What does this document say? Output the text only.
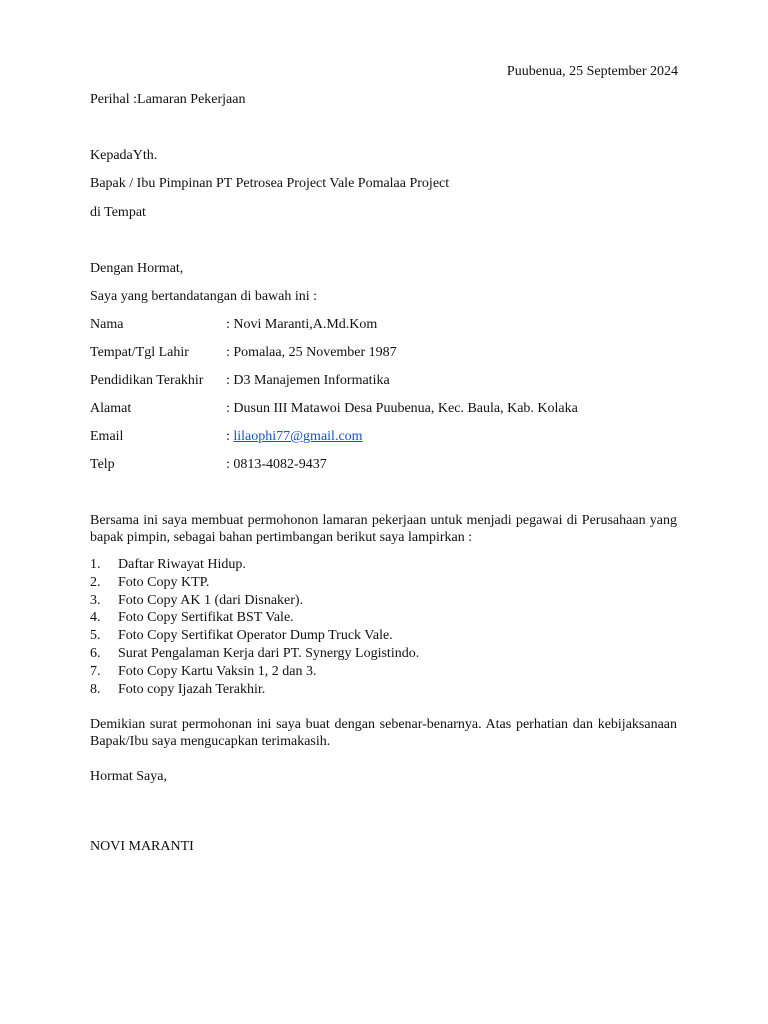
Puubenua, 25 September 2024
Perihal :Lamaran Pekerjaan
KepadaYth.
Bapak / Ibu Pimpinan PT Petrosea Project Vale Pomalaa Project
di Tempat
Dengan Hormat,
Saya yang bertandatangan di bawah ini :
Nama	: Novi Maranti,A.Md.Kom
Tempat/Tgl Lahir	: Pomalaa, 25 November 1987
Pendidikan Terakhir : D3 Manajemen Informatika
Alamat	: Dusun III Matawoi Desa Puubenua, Kec. Baula, Kab. Kolaka
Email	: lilaophi77@gmail.com
Telp	: 0813-4082-9437
Bersama ini saya membuat permohonon lamaran pekerjaan untuk menjadi pegawai di Perusahaan yang bapak pimpin, sebagai bahan pertimbangan berikut saya lampirkan :
1. Daftar Riwayat Hidup.
2. Foto Copy KTP.
3. Foto Copy AK 1 (dari Disnaker).
4. Foto Copy Sertifikat BST Vale.
5. Foto Copy Sertifikat Operator Dump Truck Vale.
6. Surat Pengalaman Kerja dari PT. Synergy Logistindo.
7. Foto Copy Kartu Vaksin 1, 2 dan 3.
8. Foto copy Ijazah Terakhir.
Demikian surat permohonan ini saya buat dengan sebenar-benarnya. Atas perhatian dan kebijaksanaan Bapak/Ibu saya mengucapkan terimakasih.
Hormat Saya,
NOVI MARANTI
